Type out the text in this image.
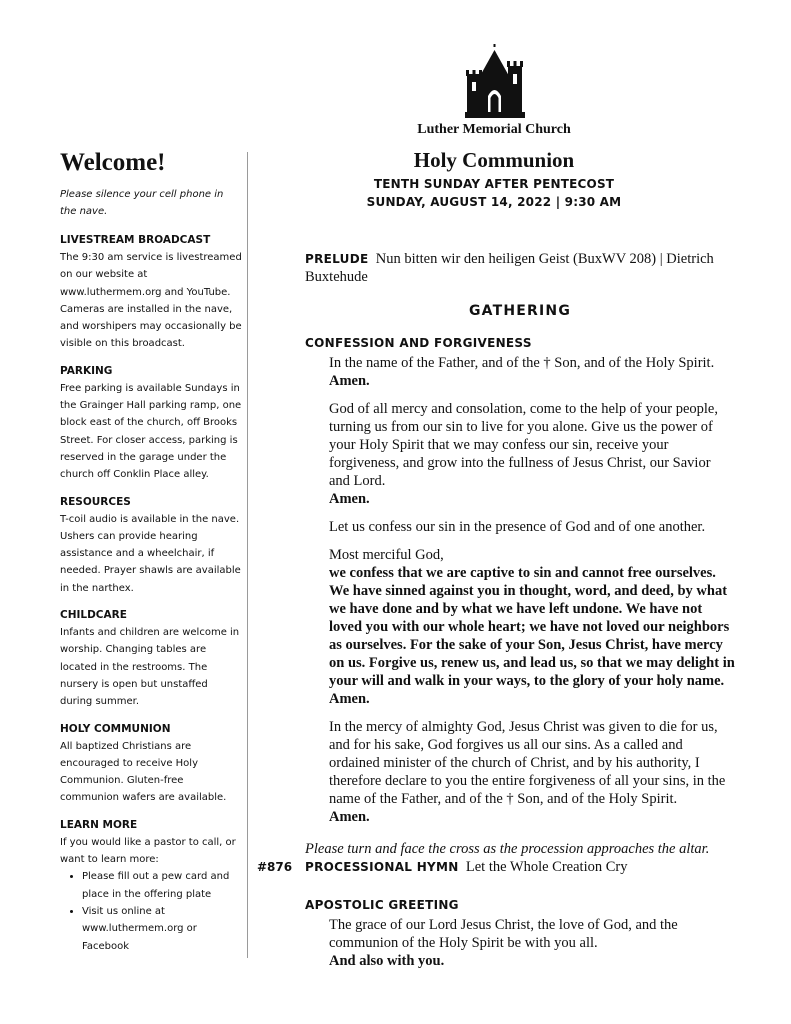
Luther Memorial Church
Holy Communion
TENTH SUNDAY AFTER PENTECOST
SUNDAY, AUGUST 14, 2022 | 9:30 AM
Welcome!

Please silence your cell phone in the nave.

LIVESTREAM BROADCAST

The 9:30 am service is livestreamed on our website at www.luthermem.org and YouTube. Cameras are installed in the nave, and worshipers may occasionally be visible on this broadcast.

PARKING

Free parking is available Sundays in the Grainger Hall parking ramp, one block east of the church, off Brooks Street. For closer access, parking is reserved in the garage under the church off Conklin Place alley.

RESOURCES

T-coil audio is available in the nave. Ushers can provide hearing assistance and a wheelchair, if needed. Prayer shawls are available in the narthex.

CHILDCARE

Infants and children are welcome in worship. Changing tables are located in the restrooms. The nursery is open but unstaffed during summer.

HOLY COMMUNION

All baptized Christians are encouraged to receive Holy Communion. Gluten-free communion wafers are available.

LEARN MORE

If you would like a pastor to call, or want to learn more:

• Please fill out a pew card and place in the offering plate
• Visit us online at www.luthermem.org or Facebook

PRELUDE Nun bitten wir den heiligen Geist (BuxWV 208) | Dietrich Buxtehude

GATHERING

CONFESSION AND FORGIVENESS

In the name of the Father, and of the † Son, and of the Holy Spirit.

Amen.

God of all mercy and consolation, come to the help of your people, turning us from our sin to live for you alone. Give us the power of your Holy Spirit that we may confess our sin, receive your forgiveness, and grow into the fullness of Jesus Christ, our Savior and Lord.

Amen.

Let us confess our sin in the presence of God and of one another.

Most merciful God,

we confess that we are captive to sin and cannot free ourselves. We have sinned against you in thought, word, and deed, by what we have done and by what we have left undone. We have not loved you with our whole heart; we have not loved our neighbors as ourselves. For the sake of your Son, Jesus Christ, have mercy on us. Forgive us, renew us, and lead us, so that we may delight in your will and walk in your ways, to the glory of your holy name.

Amen.

In the mercy of almighty God, Jesus Christ was given to die for us, and for his sake, God forgives us all our sins. As a called and ordained minister of the church of Christ, and by his authority, I therefore declare to you the entire forgiveness of all your sins, in the name of the Father, and of the † Son, and of the Holy Spirit.

Amen.

Please turn and face the cross as the procession approaches the altar.

#876 PROCESSIONAL HYMN Let the Whole Creation Cry

APOSTOLIC GREETING

The grace of our Lord Jesus Christ, the love of God, and the communion of the Holy Spirit be with you all.

And also with you.
